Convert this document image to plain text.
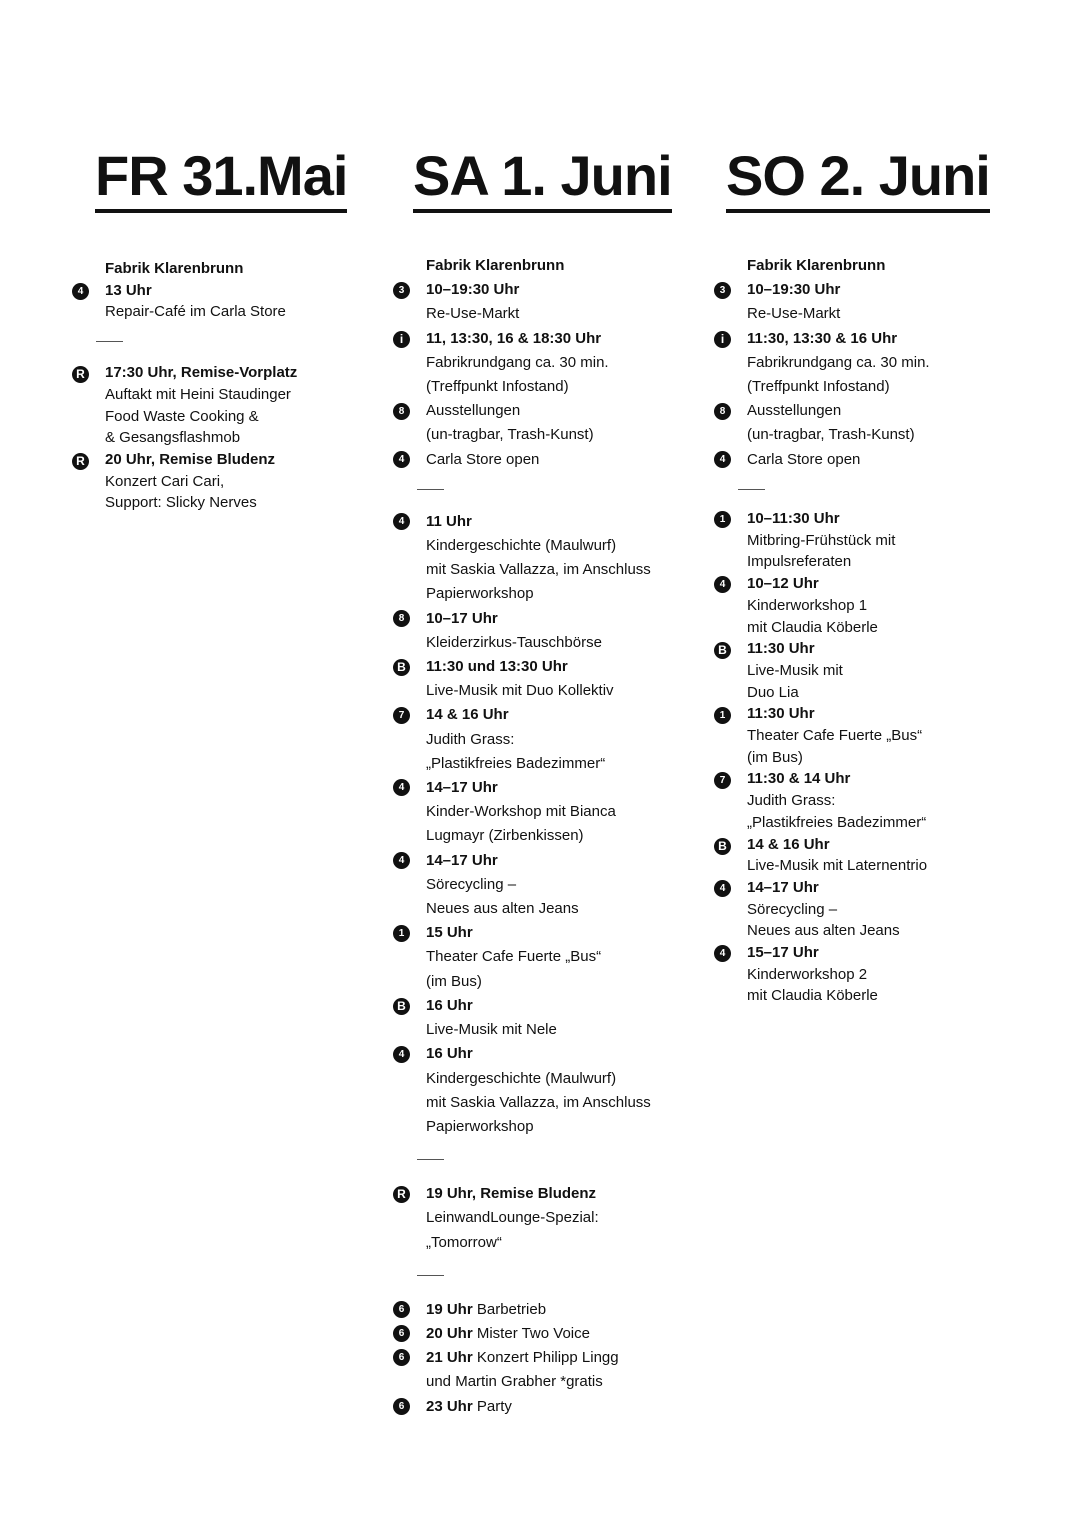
FR 31.Mai
Fabrik Klarenbrunn
4	13 Uhr
Repair-Café im Carla Store
R 17:30 Uhr, Remise-Vorplatz
Auftakt mit Heini Staudinger
Food Waste Cooking &
& Gesangsflashmob
R 20 Uhr, Remise Bludenz
Konzert Cari Cari,
Support: Slicky Nerves
SA 1. Juni
Fabrik Klarenbrunn
3	10–19:30 Uhr
Re-Use-Markt
i	11, 13:30, 16 & 18:30 Uhr
Fabrikrundgang ca. 30 min.
(Treffpunkt Infostand)
8	Ausstellungen
(un-tragbar, Trash-Kunst)
4	Carla Store open
4	11 Uhr
Kindergeschichte (Maulwurf)
mit Saskia Vallazza, im Anschluss
Papierworkshop
8	10–17 Uhr
Kleiderzirkus-Tauschbörse
B 11:30 und 13:30 Uhr
Live-Musik mit Duo Kollektiv
7	14 & 16 Uhr
Judith Grass:
„Plastikfreies Badezimmer“
4	14–17 Uhr
Kinder-Workshop mit Bianca
Lugmayr (Zirbenkissen)
4	14–17 Uhr
Sörecycling –
Neues aus alten Jeans
1	15 Uhr
Theater Cafe Fuerte „Bus“
(im Bus)
B 16 Uhr
Live-Musik mit Nele
4	16 Uhr
Kindergeschichte (Maulwurf)
mit Saskia Vallazza, im Anschluss
Papierworkshop
R 19 Uhr, Remise Bludenz
LeinwandLounge-Spezial:
„Tomorrow“
6	19 Uhr Barbetrieb
6	20 Uhr Mister Two Voice
6	21 Uhr Konzert Philipp Lingg
und Martin Grabher *gratis
6	23 Uhr Party
SO 2. Juni
Fabrik Klarenbrunn
3	10–19:30 Uhr
Re-Use-Markt
i	11:30, 13:30 & 16 Uhr
Fabrikrundgang ca. 30 min.
(Treffpunkt Infostand)
8	Ausstellungen
(un-tragbar, Trash-Kunst)
4	Carla Store open
1	10–11:30 Uhr
Mitbring-Frühstück mit
Impulsreferaten
4	10–12 Uhr
Kinderworkshop 1
mit Claudia Köberle
B 11:30 Uhr
Live-Musik mit
Duo Lia
1	11:30 Uhr
Theater Cafe Fuerte „Bus“
(im Bus)
7	11:30 & 14 Uhr
Judith Grass:
„Plastikfreies Badezimmer“
B 14 & 16 Uhr
Live-Musik mit Laternentrio
4	14–17 Uhr
Sörecycling –
Neues aus alten Jeans
4	15–17 Uhr
Kinderworkshop 2
mit Claudia Köberle
